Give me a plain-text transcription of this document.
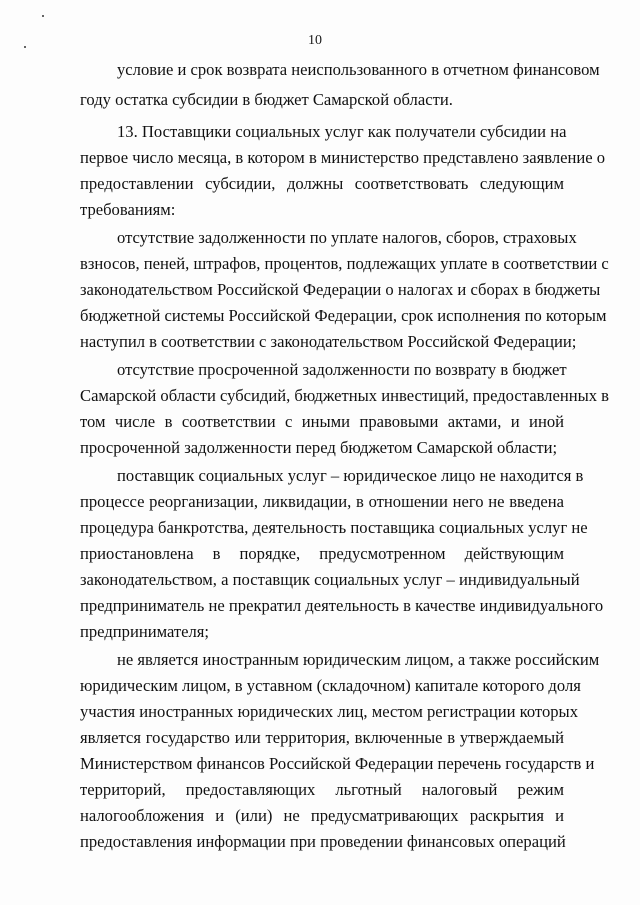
10
условие и срок возврата неиспользованного в отчетном финансовом
году остатка субсидии в бюджет Самарской области.
13. Поставщики социальных услуг как получатели субсидии на
первое число месяца, в котором в министерство представлено заявление о
предоставлении субсидии, должны соответствовать следующим
требованиям:
отсутствие задолженности по уплате налогов, сборов, страховых
взносов, пеней, штрафов, процентов, подлежащих уплате в соответствии с
законодательством Российской Федерации о налогах и сборах в бюджеты
бюджетной системы Российской Федерации, срок исполнения по которым
наступил в соответствии с законодательством Российской Федерации;
отсутствие просроченной задолженности по возврату в бюджет
Самарской области субсидий, бюджетных инвестиций, предоставленных в
том числе в соответствии с иными правовыми актами, и иной
просроченной задолженности перед бюджетом Самарской области;
поставщик социальных услуг – юридическое лицо не находится в
процессе реорганизации, ликвидации, в отношении него не введена
процедура банкротства, деятельность поставщика социальных услуг не
приостановлена в порядке, предусмотренном действующим
законодательством, а поставщик социальных услуг – индивидуальный
предприниматель не прекратил деятельность в качестве индивидуального
предпринимателя;
не является иностранным юридическим лицом, а также российским
юридическим лицом, в уставном (складочном) капитале которого доля
участия иностранных юридических лиц, местом регистрации которых
является государство или территория, включенные в утверждаемый
Министерством финансов Российской Федерации перечень государств и
территорий, предоставляющих льготный налоговый режим
налогообложения и (или) не предусматривающих раскрытия и
предоставления информации при проведении финансовых операций
